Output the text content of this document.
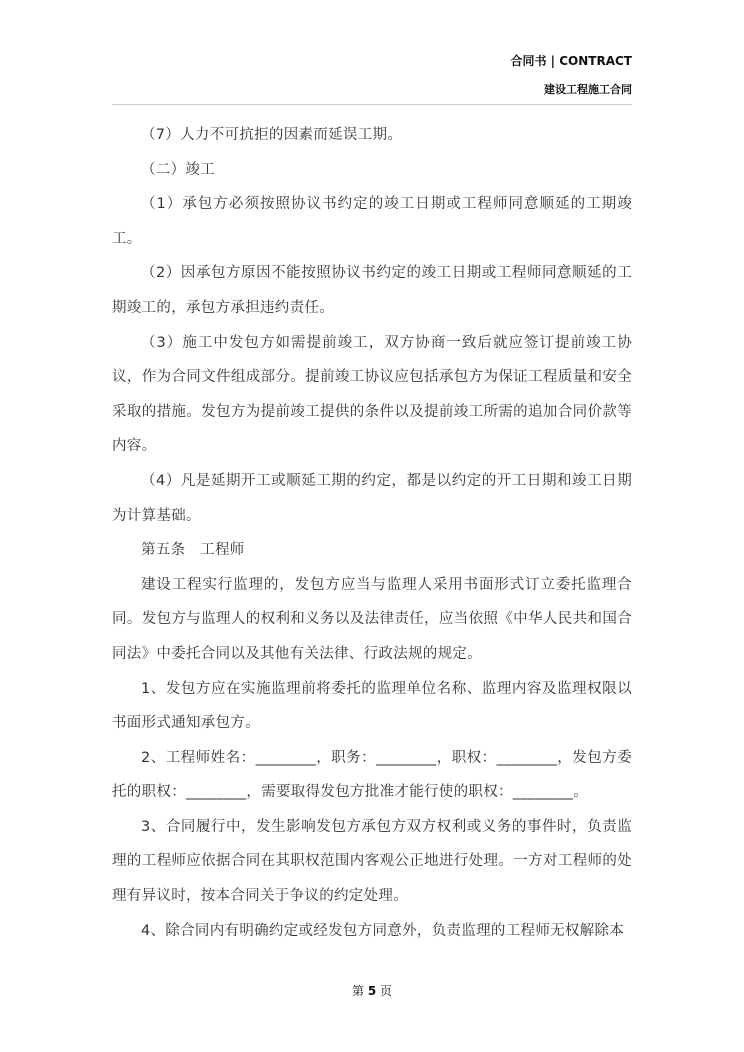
合同书 | CONTRACT
建设工程施工合同

（7）人力不可抗拒的因素而延误工期。

（二）竣工

（1）承包方必须按照协议书约定的竣工日期或工程师同意顺延的工期竣工。

（2）因承包方原因不能按照协议书约定的竣工日期或工程师同意顺延的工期竣工的，承包方承担违约责任。

（3）施工中发包方如需提前竣工，双方协商一致后就应签订提前竣工协议，作为合同文件组成部分。提前竣工协议应包括承包方为保证工程质量和安全采取的措施。发包方为提前竣工提供的条件以及提前竣工所需的追加合同价款等内容。

（4）凡是延期开工或顺延工期的约定，都是以约定的开工日期和竣工日期为计算基础。

第五条　工程师

建设工程实行监理的，发包方应当与监理人采用书面形式订立委托监理合同。发包方与监理人的权利和义务以及法律责任，应当依照《中华人民共和国合同法》中委托合同以及其他有关法律、行政法规的规定。

1、发包方应在实施监理前将委托的监理单位名称、监理内容及监理权限以书面形式通知承包方。

2、工程师姓名：________，职务：________，职权：________，发包方委托的职权：________，需要取得发包方批准才能行使的职权：________。

3、合同履行中，发生影响发包方承包方双方权利或义务的事件时，负责监理的工程师应依据合同在其职权范围内客观公正地进行处理。一方对工程师的处理有异议时，按本合同关于争议的约定处理。

4、除合同内有明确约定或经发包方同意外，负责监理的工程师无权解除本

第 5 页
